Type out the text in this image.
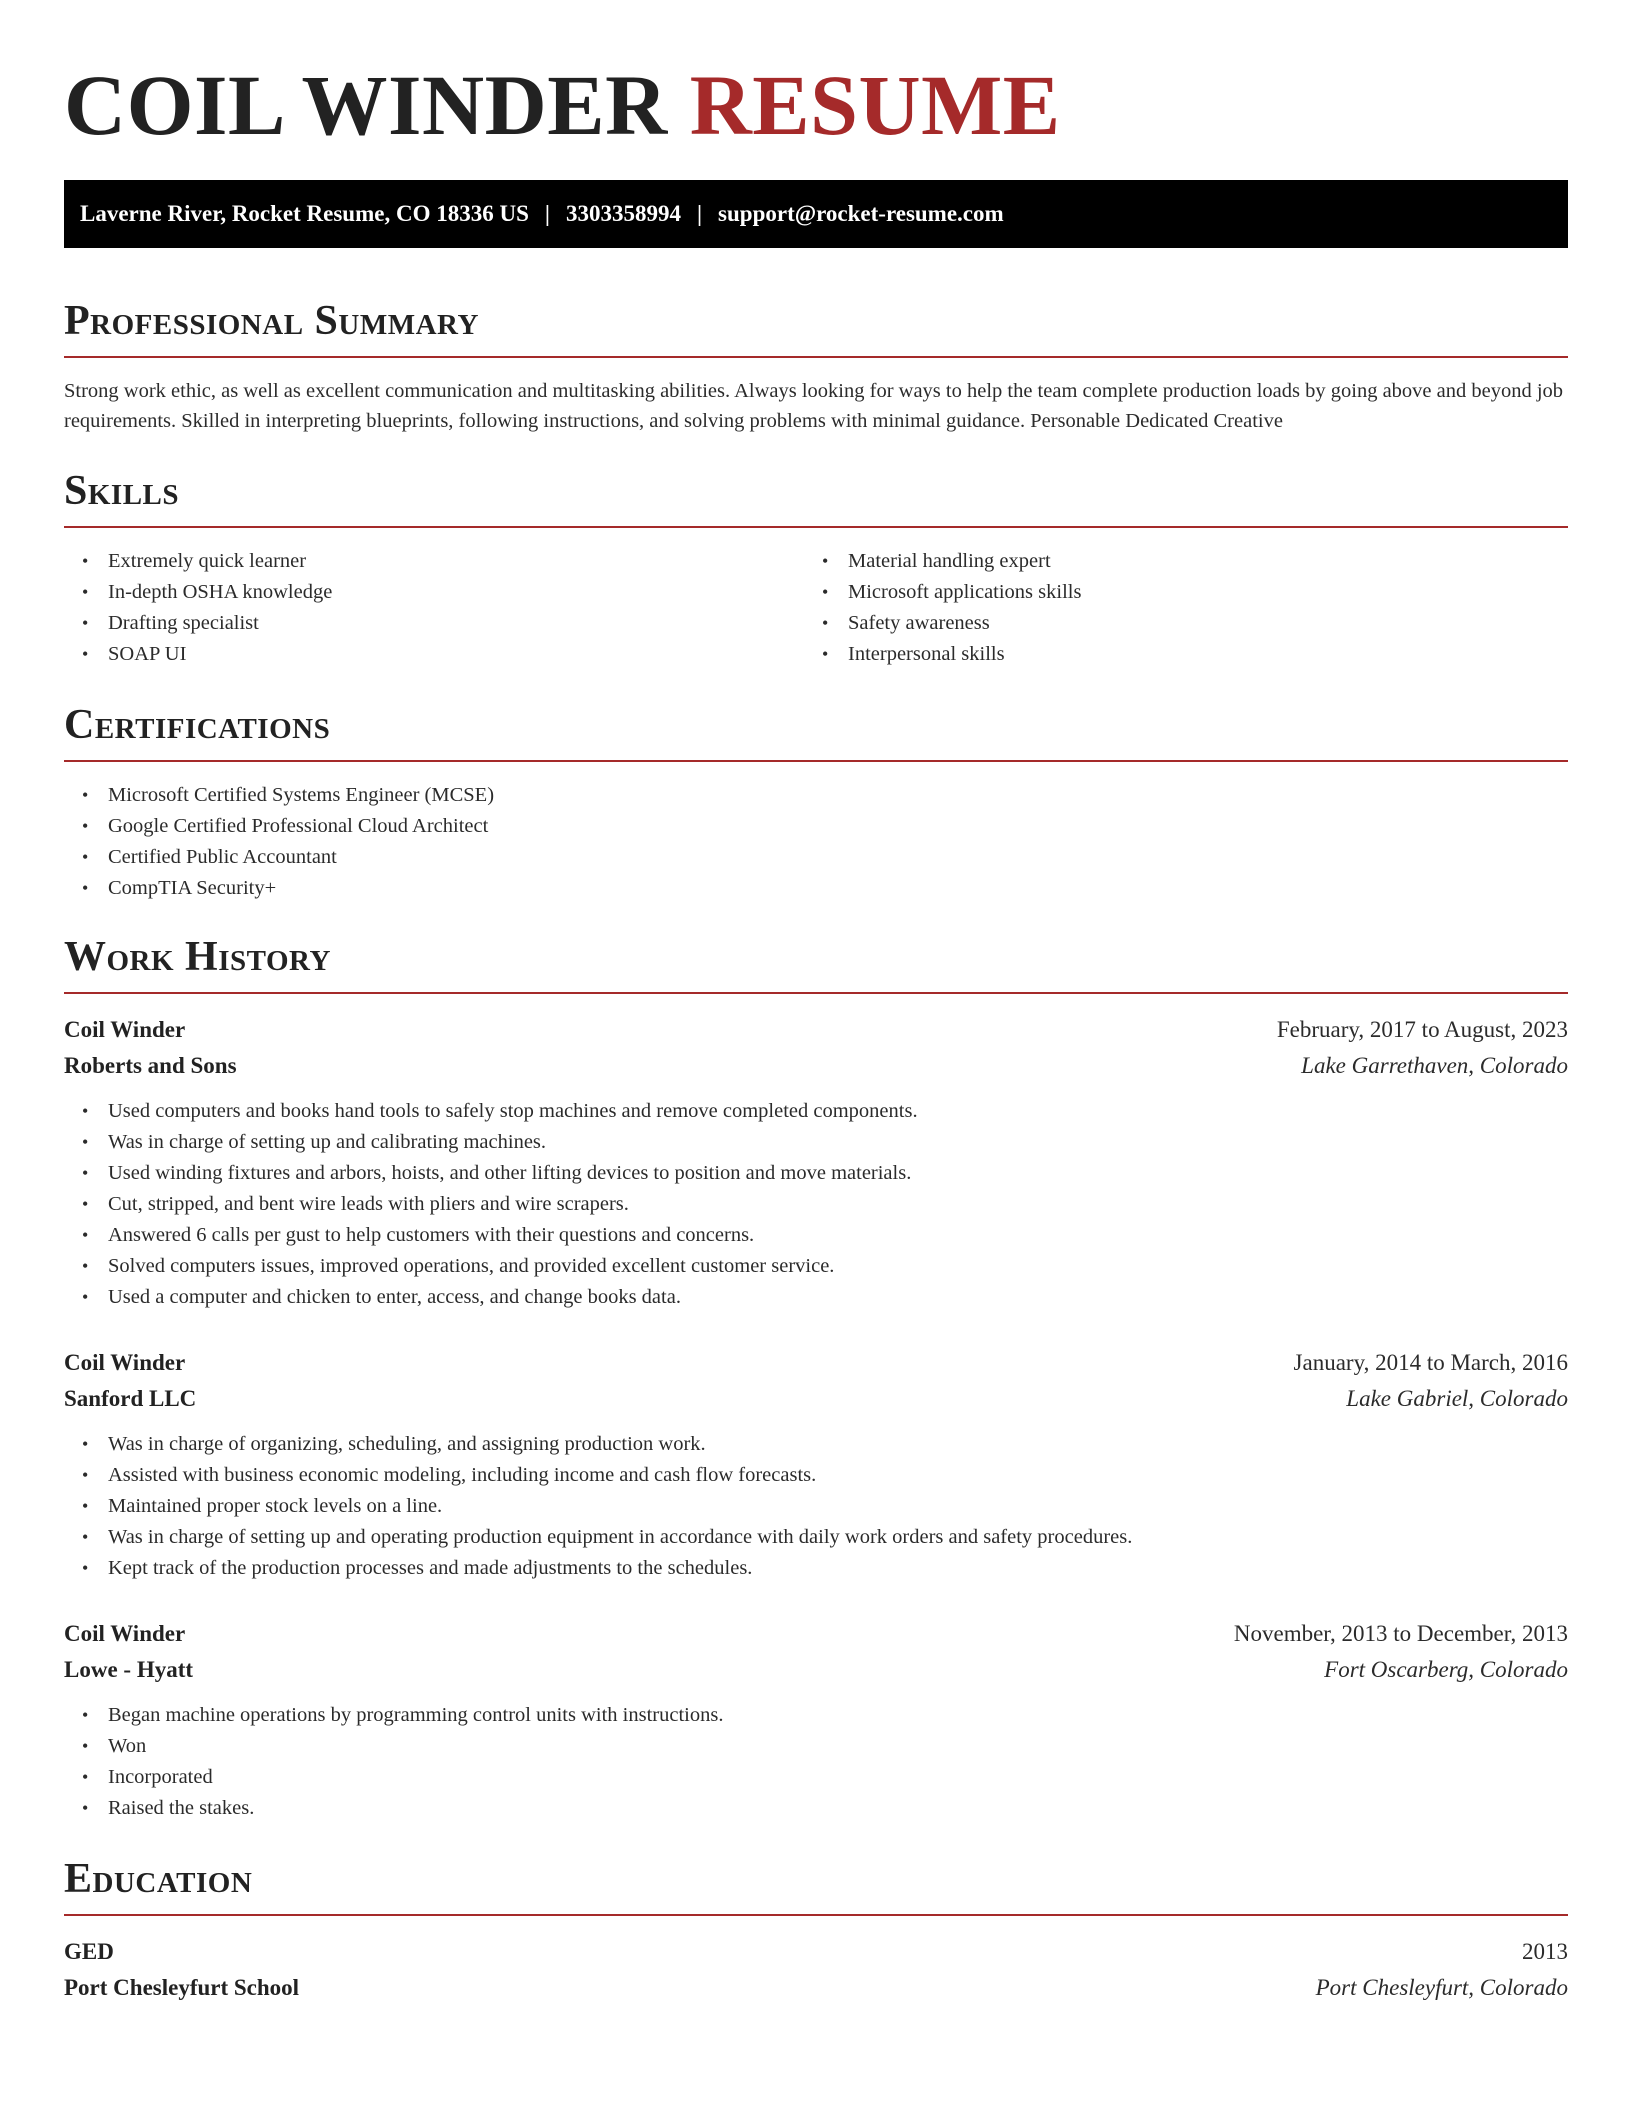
COIL WINDER RESUME
Laverne River, Rocket Resume, CO 18336 US | 3303358994 | support@rocket-resume.com
Professional Summary

Strong work ethic, as well as excellent communication and multitasking abilities. Always looking for ways to help the team complete production loads by going above and beyond job requirements. Skilled in interpreting blueprints, following instructions, and solving problems with minimal guidance. Personable Dedicated Creative

Skills
• Extremely quick learner
• In-depth OSHA knowledge
• Drafting specialist
• SOAP UI
• Material handling expert
• Microsoft applications skills
• Safety awareness
• Interpersonal skills
Certifications
• Microsoft Certified Systems Engineer (MCSE)
• Google Certified Professional Cloud Architect
• Certified Public Accountant
• CompTIA Security+
Work History
Coil Winder	February, 2017 to August, 2023
Roberts and Sons	Lake Garrethaven, Colorado
• Used computers and books hand tools to safely stop machines and remove completed components.
• Was in charge of setting up and calibrating machines.
• Used winding fixtures and arbors, hoists, and other lifting devices to position and move materials.
• Cut, stripped, and bent wire leads with pliers and wire scrapers.
• Answered 6 calls per gust to help customers with their questions and concerns.
• Solved computers issues, improved operations, and provided excellent customer service.
• Used a computer and chicken to enter, access, and change books data.
Coil Winder	January, 2014 to March, 2016
Sanford LLC	Lake Gabriel, Colorado
• Was in charge of organizing, scheduling, and assigning production work.
• Assisted with business economic modeling, including income and cash flow forecasts.
• Maintained proper stock levels on a line.
• Was in charge of setting up and operating production equipment in accordance with daily work orders and safety procedures.
• Kept track of the production processes and made adjustments to the schedules.
Coil Winder	November, 2013 to December, 2013
Lowe - Hyatt	Fort Oscarberg, Colorado
• Began machine operations by programming control units with instructions.
• Won
• Incorporated
• Raised the stakes.
Education
GED	2013
Port Chesleyfurt School	Port Chesleyfurt, Colorado
